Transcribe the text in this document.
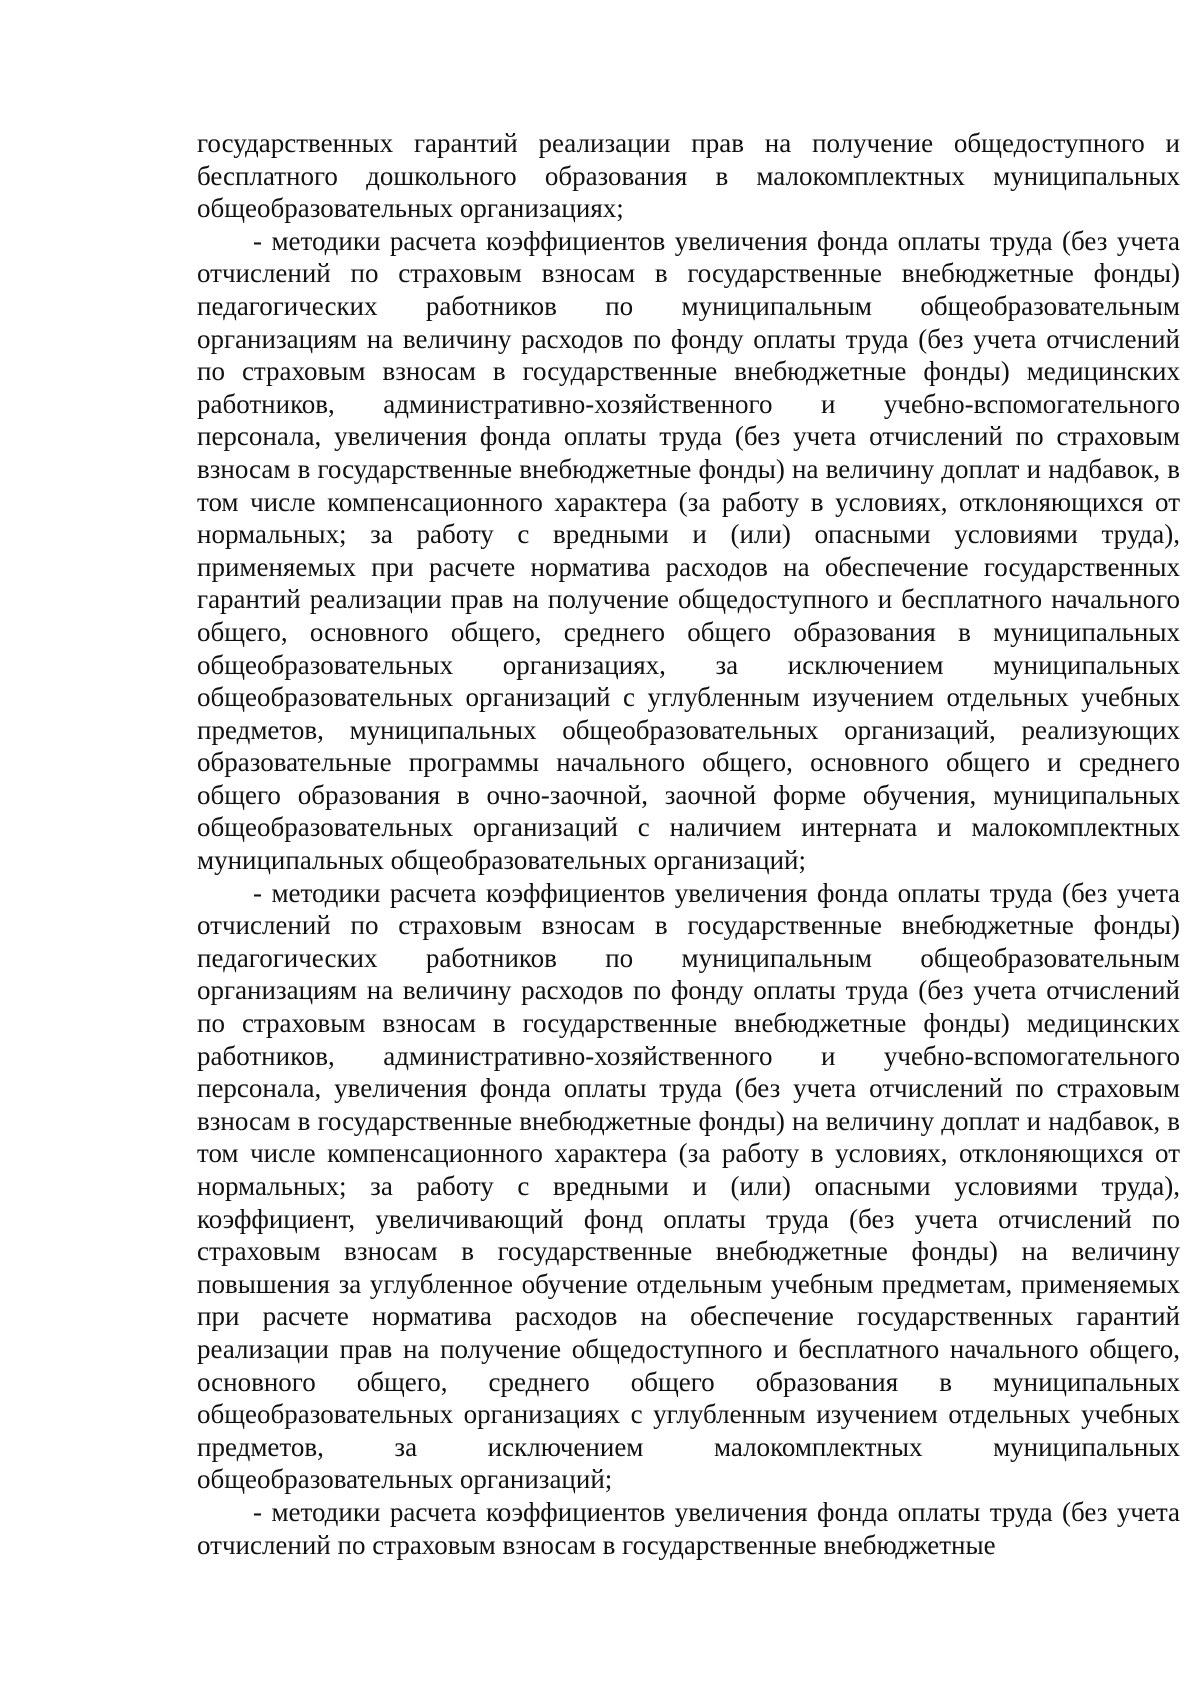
государственных гарантий реализации прав на получение общедоступного и бесплатного дошкольного образования в малокомплектных муниципальных общеобразовательных организациях;

- методики расчета коэффициентов увеличения фонда оплаты труда (без учета отчислений по страховым взносам в государственные внебюджетные фонды) педагогических работников по муниципальным общеобразовательным организациям на величину расходов по фонду оплаты труда (без учета отчислений по страховым взносам в государственные внебюджетные фонды) медицинских работников, административно-хозяйственного и учебно-вспомогательного персонала, увеличения фонда оплаты труда (без учета отчислений по страховым взносам в государственные внебюджетные фонды) на величину доплат и надбавок, в том числе компенсационного характера (за работу в условиях, отклоняющихся от нормальных; за работу с вредными и (или) опасными условиями труда), применяемых при расчете норматива расходов на обеспечение государственных гарантий реализации прав на получение общедоступного и бесплатного начального общего, основного общего, среднего общего образования в муниципальных общеобразовательных организациях, за исключением муниципальных общеобразовательных организаций с углубленным изучением отдельных учебных предметов, муниципальных общеобразовательных организаций, реализующих образовательные программы начального общего, основного общего и среднего общего образования в очно-заочной, заочной форме обучения, муниципальных общеобразовательных организаций с наличием интерната и малокомплектных муниципальных общеобразовательных организаций;

- методики расчета коэффициентов увеличения фонда оплаты труда (без учета отчислений по страховым взносам в государственные внебюджетные фонды) педагогических работников по муниципальным общеобразовательным организациям на величину расходов по фонду оплаты труда (без учета отчислений по страховым взносам в государственные внебюджетные фонды) медицинских работников, административно-хозяйственного и учебно-вспомогательного персонала, увеличения фонда оплаты труда (без учета отчислений по страховым взносам в государственные внебюджетные фонды) на величину доплат и надбавок, в том числе компенсационного характера (за работу в условиях, отклоняющихся от нормальных; за работу с вредными и (или) опасными условиями труда), коэффициент, увеличивающий фонд оплаты труда (без учета отчислений по страховым взносам в государственные внебюджетные фонды) на величину повышения за углубленное обучение отдельным учебным предметам, применяемых при расчете норматива расходов на обеспечение государственных гарантий реализации прав на получение общедоступного и бесплатного начального общего, основного общего, среднего общего образования в муниципальных общеобразовательных организациях с углубленным изучением отдельных учебных предметов, за исключением малокомплектных муниципальных общеобразовательных организаций;

- методики расчета коэффициентов увеличения фонда оплаты труда (без учета отчислений по страховым взносам в государственные внебюджетные
